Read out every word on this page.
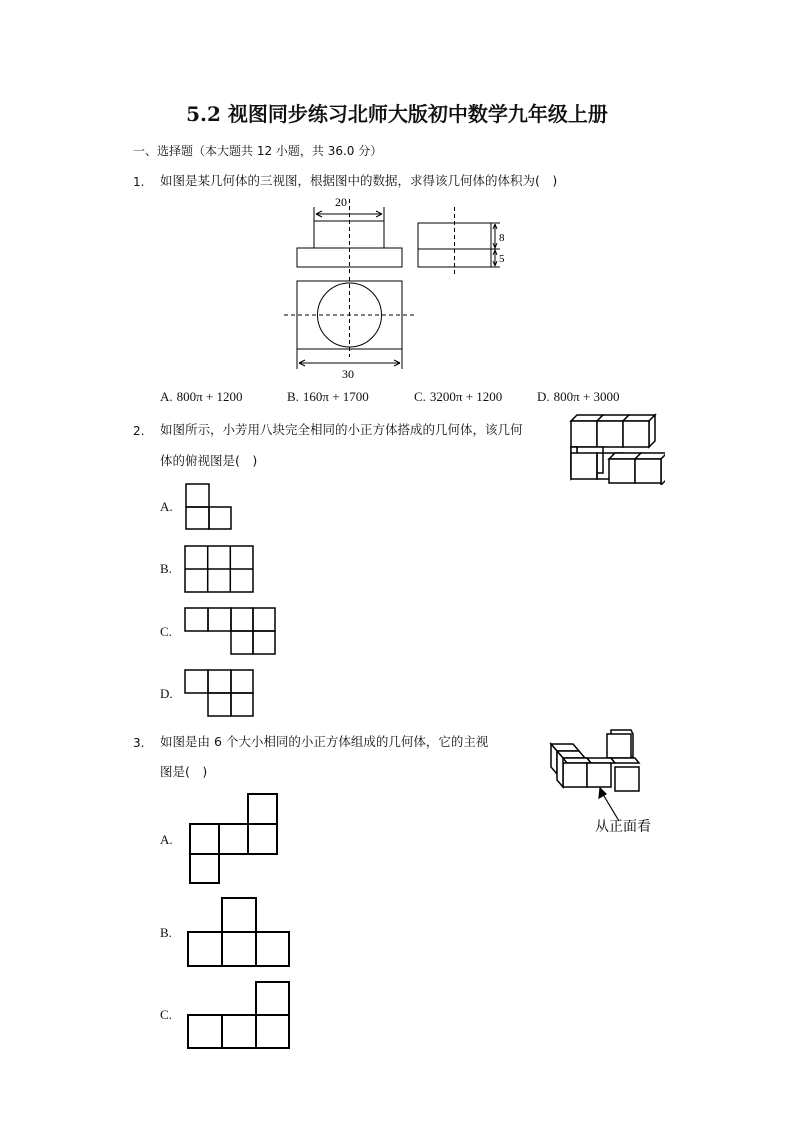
5.2 视图同步练习北师大版初中数学九年级上册
一、选择题（本大题共 12 小题，共 36.0 分）
1. 如图是某几何体的三视图，根据图中的数据，求得该几何体的体积为(　)
20
30
8
5
A. 800π + 1200	B. 160π + 1700	C. 3200π + 1200	D. 800π + 3000
2. 如图所示，小芳用八块完全相同的小正方体搭成的几何体，该几何
体的俯视图是(　)
A.
B.
C.
D.
3. 如图是由 6 个大小相同的小正方体组成的几何体，它的主视
图是(　)
从正面看
A.
B.
C.
